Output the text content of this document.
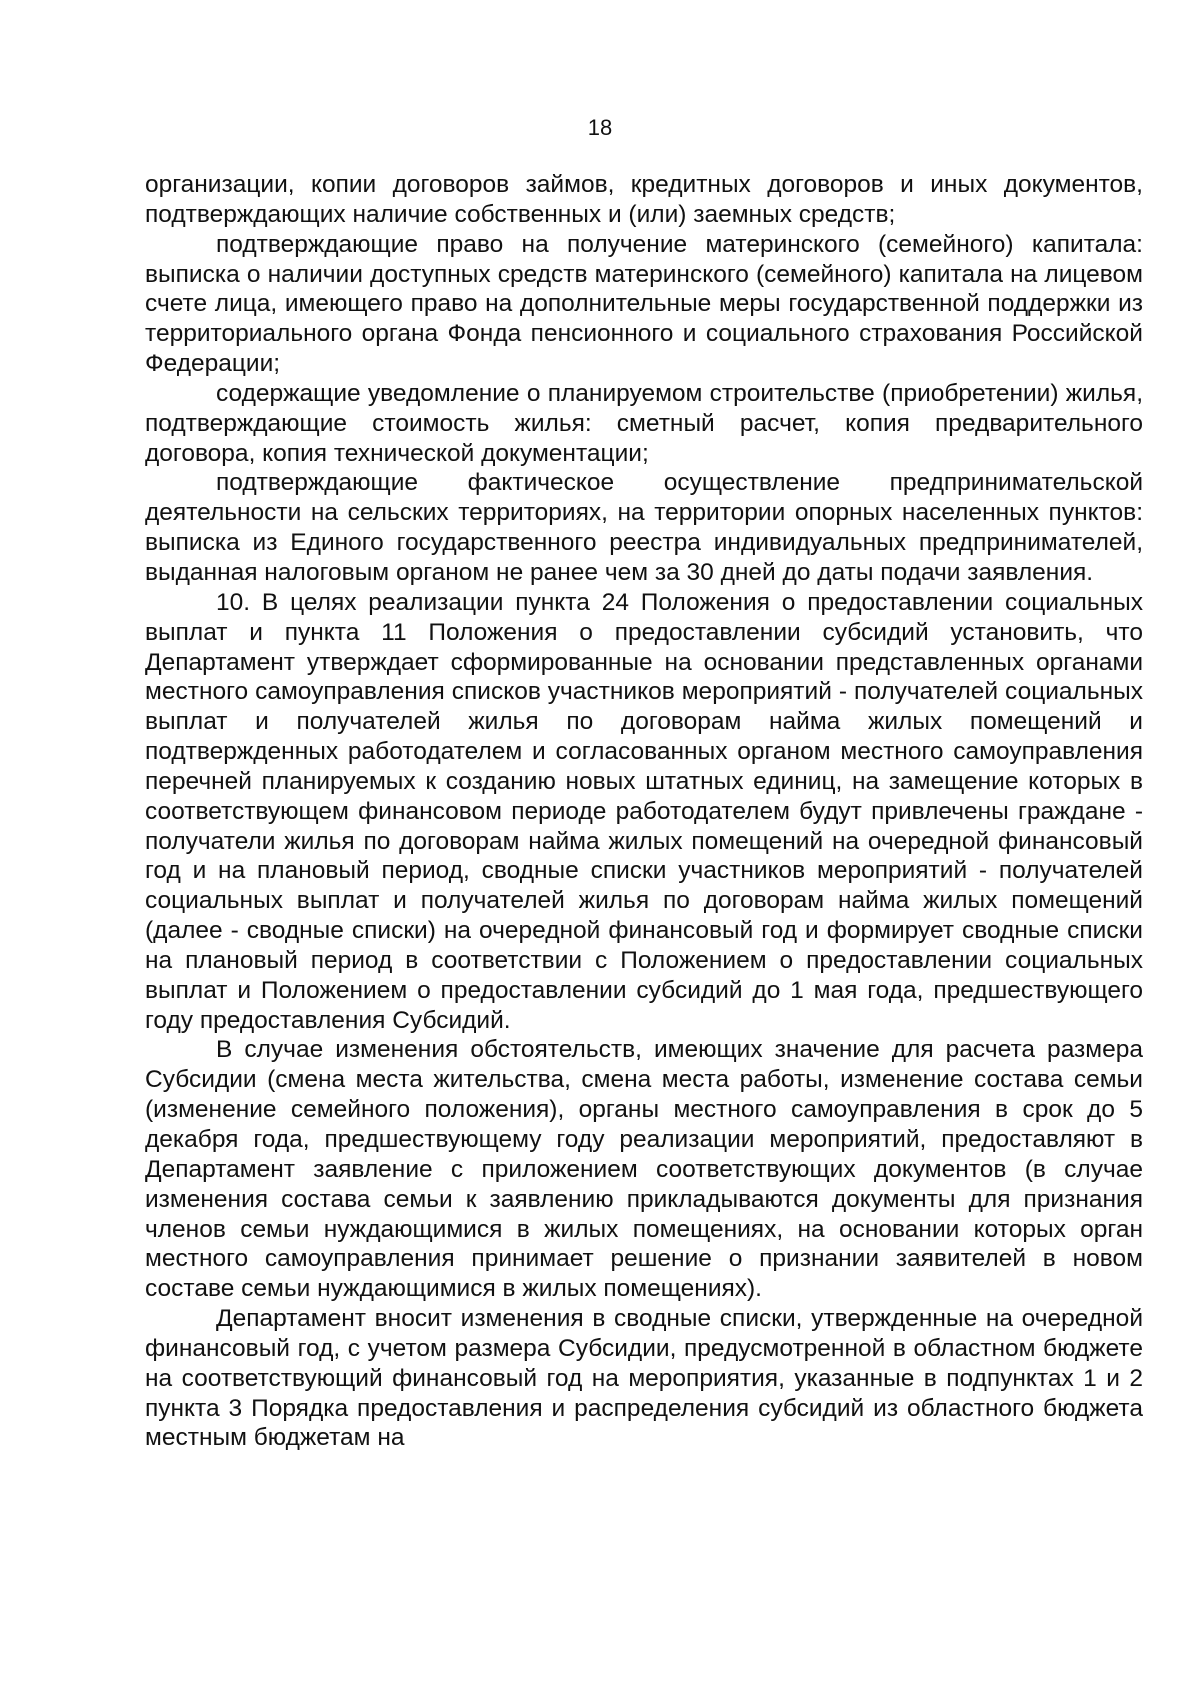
18

организации, копии договоров займов, кредитных договоров и иных документов, подтверждающих наличие собственных и (или) заемных средств;

подтверждающие право на получение материнского (семейного) капитала: выписка о наличии доступных средств материнского (семейного) капитала на лицевом счете лица, имеющего право на дополнительные меры государственной поддержки из территориального органа Фонда пенсионного и социального страхования Российской Федерации;

содержащие уведомление о планируемом строительстве (приобретении) жилья, подтверждающие стоимость жилья: сметный расчет, копия предварительного договора, копия технической документации;

подтверждающие фактическое осуществление предпринимательской деятельности на сельских территориях, на территории опорных населенных пунктов: выписка из Единого государственного реестра индивидуальных предпринимателей, выданная налоговым органом не ранее чем за 30 дней до даты подачи заявления.

10. В целях реализации пункта 24 Положения о предоставлении социальных выплат и пункта 11 Положения о предоставлении субсидий установить, что Департамент утверждает сформированные на основании представленных органами местного самоуправления списков участников мероприятий - получателей социальных выплат и получателей жилья по договорам найма жилых помещений и подтвержденных работодателем и согласованных органом местного самоуправления перечней планируемых к созданию новых штатных единиц, на замещение которых в соответствующем финансовом периоде работодателем будут привлечены граждане - получатели жилья по договорам найма жилых помещений на очередной финансовый год и на плановый период, сводные списки участников мероприятий - получателей социальных выплат и получателей жилья по договорам найма жилых помещений (далее - сводные списки) на очередной финансовый год и формирует сводные списки на плановый период в соответствии с Положением о предоставлении социальных выплат и Положением о предоставлении субсидий до 1 мая года, предшествующего году предоставления Субсидий.

В случае изменения обстоятельств, имеющих значение для расчета размера Субсидии (смена места жительства, смена места работы, изменение состава семьи (изменение семейного положения), органы местного самоуправления в срок до 5 декабря года, предшествующему году реализации мероприятий, предоставляют в Департамент заявление с приложением соответствующих документов (в случае изменения состава семьи к заявлению прикладываются документы для признания членов семьи нуждающимися в жилых помещениях, на основании которых орган местного самоуправления принимает решение о признании заявителей в новом составе семьи нуждающимися в жилых помещениях).

Департамент вносит изменения в сводные списки, утвержденные на очередной финансовый год, с учетом размера Субсидии, предусмотренной в областном бюджете на соответствующий финансовый год на мероприятия, указанные в подпунктах 1 и 2 пункта 3 Порядка предоставления и распределения субсидий из областного бюджета местным бюджетам на
